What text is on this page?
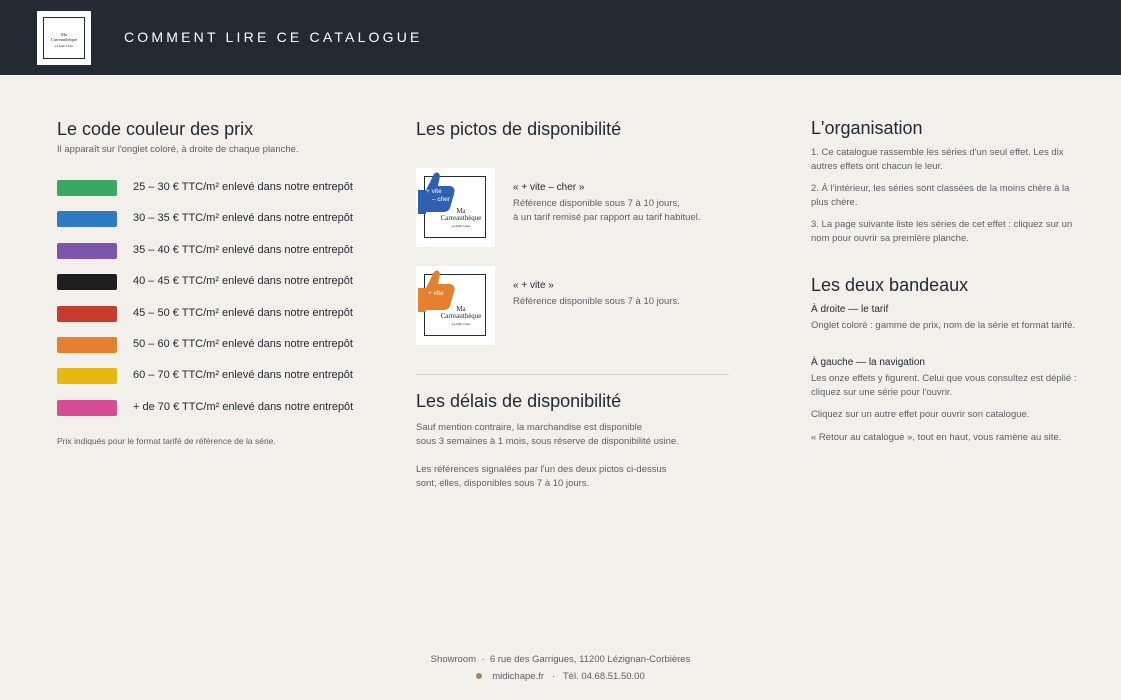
Ma
Carreauthèque
par Midi Chape
COMMENT LIRE CE CATALOGUE
Le code couleur des prix
Il apparaît sur l'onglet coloré, à droite de chaque planche.
25 – 30 € TTC/m² enlevé dans notre entrepôt
30 – 35 € TTC/m² enlevé dans notre entrepôt
35 – 40 € TTC/m² enlevé dans notre entrepôt
40 – 45 € TTC/m² enlevé dans notre entrepôt
45 – 50 € TTC/m² enlevé dans notre entrepôt
50 – 60 € TTC/m² enlevé dans notre entrepôt
60 – 70 € TTC/m² enlevé dans notre entrepôt
+ de 70 € TTC/m² enlevé dans notre entrepôt
Prix indiqués pour le format tarifé de référence de la série.
Les pictos de disponibilité
+ vite
– cher
Ma
Carreauthèque
par Midi Chape
« + vite – cher »
Référence disponible sous 7 à 10 jours,
à un tarif remisé par rapport au tarif habituel.
+ vite
Ma
Carreauthèque
par Midi Chape
« + vite »
Référence disponible sous 7 à 10 jours.
Les délais de disponibilité
Sauf mention contraire, la marchandise est disponible
sous 3 semaines à 1 mois, sous réserve de disponibilité usine.
Les références signalées par l'un des deux pictos ci-dessus
sont, elles, disponibles sous 7 à 10 jours.
L'organisation
1. Ce catalogue rassemble les séries d'un seul effet. Les dix autres effets ont chacun le leur.
2. À l'intérieur, les séries sont classées de la moins chère à la plus chère.
3. La page suivante liste les séries de cet effet : cliquez sur un nom pour ouvrir sa première planche.
Les deux bandeaux
À droite — le tarif
Onglet coloré : gamme de prix, nom de la série et format tarifé.
À gauche — la navigation
Les onze effets y figurent. Celui que vous consultez est déplié : cliquez sur une série pour l'ouvrir.
Cliquez sur un autre effet pour ouvrir son catalogue.
« Retour au catalogue », tout en haut, vous ramène au site.
Showroom · 6 rue des Garrigues, 11200 Lézignan-Corbières
midichape.fr · Tél. 04.68.51.50.00
